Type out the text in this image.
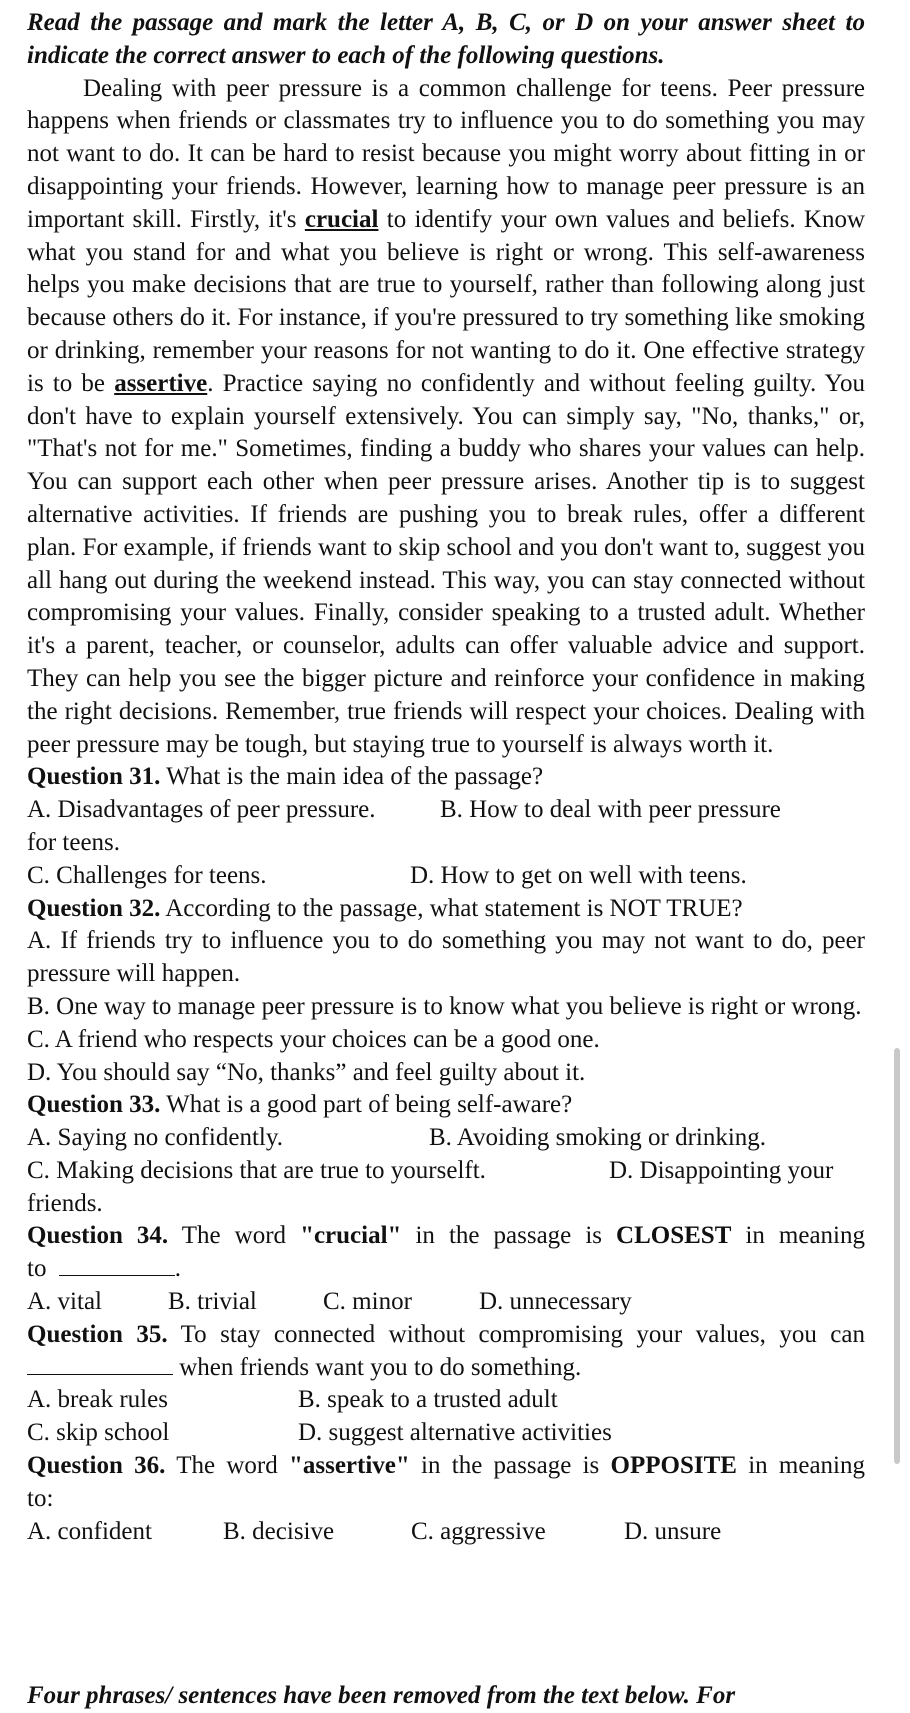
Read the passage and mark the letter A, B, C, or D on your answer sheet to indicate the correct answer to each of the following questions.
Dealing with peer pressure is a common challenge for teens. Peer pressure happens when friends or classmates try to influence you to do something you may not want to do. It can be hard to resist because you might worry about fitting in or disappointing your friends. However, learning how to manage peer pressure is an important skill. Firstly, it's crucial to identify your own values and beliefs. Know what you stand for and what you believe is right or wrong. This self-awareness helps you make decisions that are true to yourself, rather than following along just because others do it. For instance, if you're pressured to try something like smoking or drinking, remember your reasons for not wanting to do it. One effective strategy is to be assertive. Practice saying no confidently and without feeling guilty. You don't have to explain yourself extensively. You can simply say, "No, thanks," or, "That's not for me." Sometimes, finding a buddy who shares your values can help. You can support each other when peer pressure arises. Another tip is to suggest alternative activities. If friends are pushing you to break rules, offer a different plan. For example, if friends want to skip school and you don't want to, suggest you all hang out during the weekend instead. This way, you can stay connected without compromising your values. Finally, consider speaking to a trusted adult. Whether it's a parent, teacher, or counselor, adults can offer valuable advice and support. They can help you see the bigger picture and reinforce your confidence in making the right decisions. Remember, true friends will respect your choices. Dealing with peer pressure may be tough, but staying true to yourself is always worth it.
Question 31. What is the main idea of the passage?
A. Disadvantages of peer pressure.	B. How to deal with peer pressure
for teens.
C. Challenges for teens.	D. How to get on well with teens.
Question 32. According to the passage, what statement is NOT TRUE?
A. If friends try to influence you to do something you may not want to do, peer pressure will happen.
B. One way to manage peer pressure is to know what you believe is right or wrong.
C. A friend who respects your choices can be a good one.
D. You should say “No, thanks” and feel guilty about it.
Question 33. What is a good part of being self-aware?
A. Saying no confidently.	B. Avoiding smoking or drinking.
C. Making decisions that are true to yourselft.	D. Disappointing your
friends.
Question 34. The word "crucial" in the passage is CLOSEST in meaning to	.
A. vital	B. trivial	C. minor	D. unnecessary
Question 35. To stay connected without compromising your values, you can  when friends want you to do something.
A. break rules	B. speak to a trusted adult
C. skip school	D. suggest alternative activities
Question 36. The word "assertive" in the passage is OPPOSITE in meaning to:
A. confident	B. decisive	C. aggressive	D. unsure
Four phrases/ sentences have been removed from the text below. For
